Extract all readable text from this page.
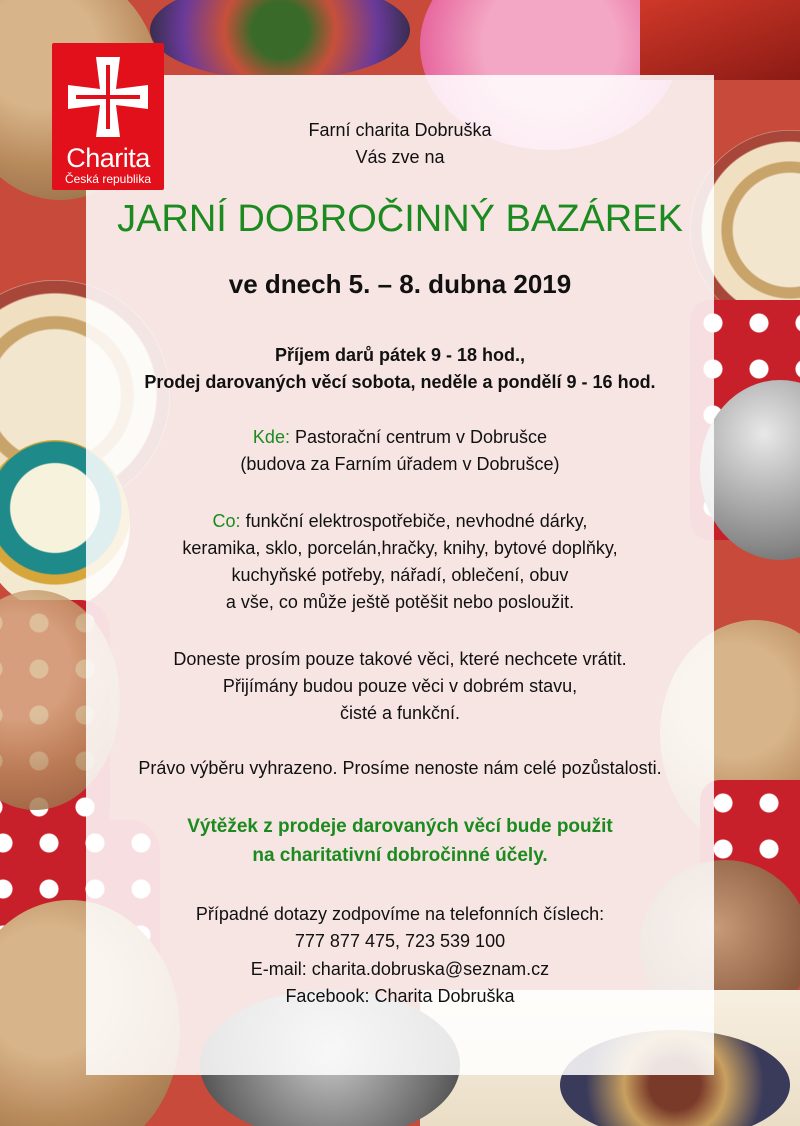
Charita
Česká republika
Farní charita Dobruška
Vás zve na
JARNÍ DOBROČINNÝ BAZÁREK
ve dnech 5. – 8. dubna 2019
Příjem darů pátek 9 - 18 hod.,
Prodej darovaných věcí sobota, neděle a pondělí 9 - 16 hod.
Kde: Pastorační centrum v Dobrušce
(budova za Farním úřadem v Dobrušce)
Co: funkční elektrospotřebiče, nevhodné dárky,
keramika, sklo, porcelán,hračky, knihy, bytové doplňky,
kuchyňské potřeby, nářadí, oblečení, obuv
a vše, co může ještě potěšit nebo posloužit.
Doneste prosím pouze takové věci, které nechcete vrátit.
Přijímány budou pouze věci v dobrém stavu,
čisté a funkční.
Právo výběru vyhrazeno. Prosíme nenoste nám celé pozůstalosti.
Výtěžek z prodeje darovaných věcí bude použit
na charitativní dobročinné účely.
Případné dotazy zodpovíme na telefonních číslech:
777 877 475, 723 539 100
E-mail: charita.dobruska@seznam.cz
Facebook: Charita Dobruška
